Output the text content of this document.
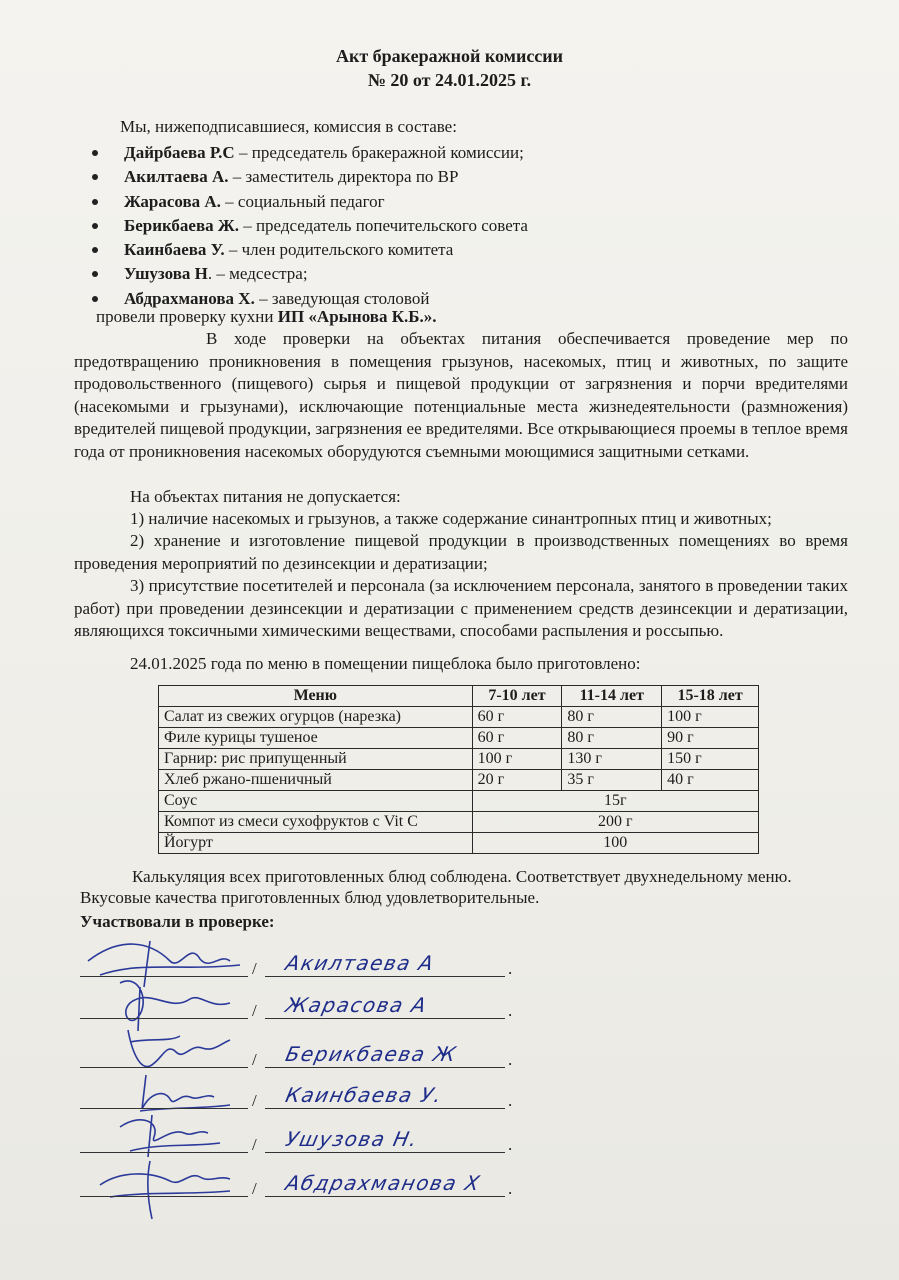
Акт бракеражной комиссии
№ 20 от 24.01.2025 г.
Мы, нижеподписавшиеся, комиссия в составе:
Дайрбаева Р.С – председатель бракеражной комиссии;
Акилтаева А. – заместитель директора по ВР
Жарасова А. – социальный педагог
Берикбаева Ж. – председатель попечительского совета
Каинбаева У. – член родительского комитета
Ушузова Н. – медсестра;
Абдрахманова Х. – заведующая столовой
провели проверку кухни ИП «Арынова К.Б.».

В ходе проверки на объектах питания обеспечивается проведение мер по предотвращению проникновения в помещения грызунов, насекомых, птиц и животных, по защите продовольственного (пищевого) сырья и пищевой продукции от загрязнения и порчи вредителями (насекомыми и грызунами), исключающие потенциальные места жизнедеятельности (размножения) вредителей пищевой продукции, загрязнения ее вредителями. Все открывающиеся проемы в теплое время года от проникновения насекомых оборудуются съемными моющимися защитными сетками.

На объектах питания не допускается:

1) наличие насекомых и грызунов, а также содержание синантропных птиц и животных;

2) хранение и изготовление пищевой продукции в производственных помещениях во время проведения мероприятий по дезинсекции и дератизации;

3) присутствие посетителей и персонала (за исключением персонала, занятого в проведении таких работ) при проведении дезинсекции и дератизации с применением средств дезинсекции и дератизации, являющихся токсичными химическими веществами, способами распыления и россыпью.

24.01.2025 года по меню в помещении пищеблока было приготовлено:

Меню	7-10 лет	11-14 лет	15-18 лет
Салат из свежих огурцов (нарезка)	60 г	80 г	100 г
Филе курицы тушеное	60 г	80 г	90 г
Гарнир: рис припущенный	100 г	130 г	150 г
Хлеб ржано-пшеничный	20 г	35 г	40 г
Соус	15г		
Компот из смеси сухофруктов с Vit C	200 г		
Йогурт	100		

Калькуляция всех приготовленных блюд соблюдена. Соответствует двухнедельному меню. Вкусовые качества приготовленных блюд удовлетворительные.

Участвовали в проверке:
/ Акилтаева А	.
/ Жарасова А	.
/ Берикбаева Ж	.
/ Каинбаева У.	.
/ Ушузова Н.	.
/ Абдрахманова Х .
